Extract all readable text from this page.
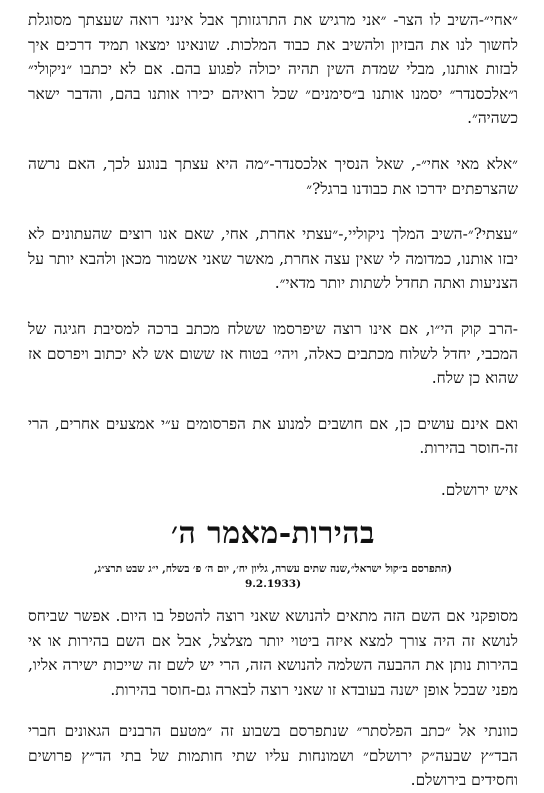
״אחי״-השיב לו הצר- ״אני מרגיש את התרגזותך אבל אינני רואה שעצתך מסוגלת לחשוך לנו את הבזיון ולהשיב את כבוד המלכות. שונאינו ימצאו תמיד דרכים איך לבזות אותנו, מבלי שמדת השין תהיה יכולה לפגוע בהם. אם לא יכתבו ״ניקולי״ ו״אלכסנדר״ יסמנו אותנו ב״סימנים״ שכל רואיהם יכירו אותנו בהם, והדבר ישאר כשהיה״.

״אלא מאי אחי״-, שאל הנסיך אלכסנדר-״מה היא עצתך בנוגע לכך, האם נרשה שהצרפתים ידרכו את כבודנו ברגל?״

״עצתי?״-השיב המלך ניקוליי,-״עצתי אחרת, אחי, שאם אנו רוצים שהעתונים לא יבזו אותנו, כמדומה לי שאין עצה אחרת, מאשר שאני אשמור מכאן ולהבא יותר על הצניעות ואתה תחדל לשתות יותר מדאי״.

-הרב קוק הי״ו, אם אינו רוצה שיפרסמו ששלח מכתב ברכה למסיבת חגיגה של המכבי, יחדל לשלוח מכתבים כאלה, ויהי׳ בטוח אז ששום אש לא יכתוב ויפרסם אז שהוא כן שלח.

ואם אינם עושים כן, אם חושבים למנוע את הפרסומים ע״י אמצעים אחרים, הרי זה-חוסר בהירות.

איש ירושלם.

בהירות-מאמר ה׳

(התפרסם ב״קול ישראל״,שנה שתים עשרה, גליון יח׳, יום ה׳ פ׳ בשלח, י״ג שבט תרצ״ג,
(9.2.1933

מסופקני אם השם הזה מתאים להנושא שאני רוצה להטפל בו היום. אפשר שביחס לנושא זה היה צורך למצא איזה ביטוי יותר מצלצל, אבל אם השם בהירות או אי בהירות נותן את ההבעה השלמה להנושא הזה, הרי יש לשם זה שייכות ישירה אליו, מפני שבכל אופן ישנה בעובדא זו שאני רוצה לבארה גם-חוסר בהירות.

כוונתי אל ״כתב הפלסתר״ שנתפרסם בשבוע זה ״מטעם הרבנים הגאונים חברי הבד״ץ שבעה״ק ירושלם״ ושמונחות עליו שתי חותמות של בתי הד״ץ פרושים וחסידים בירושלם.
